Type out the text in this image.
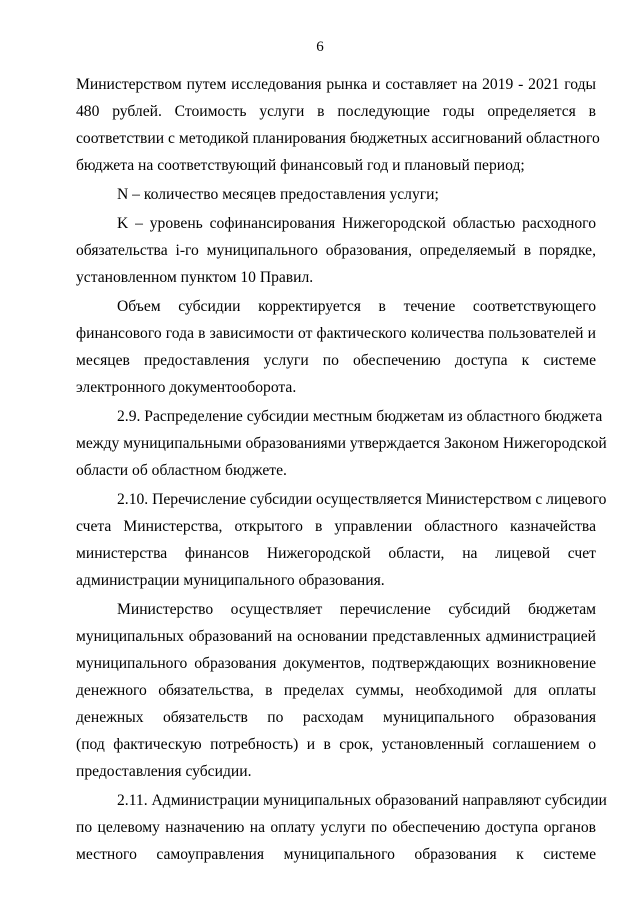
6
Министерством путем исследования рынка и составляет на 2019 - 2021 годы
480 рублей. Стоимость услуги в последующие годы определяется в
соответствии с методикой планирования бюджетных ассигнований областного
бюджета на соответствующий финансовый год и плановый период;
N – количество месяцев предоставления услуги;
K – уровень софинансирования Нижегородской областью расходного
обязательства i-го муниципального образования, определяемый в порядке,
установленном пунктом 10 Правил.
Объем субсидии корректируется в течение соответствующего
финансового года в зависимости от фактического количества пользователей и
месяцев предоставления услуги по обеспечению доступа к системе
электронного документооборота.
2.9. Распределение субсидии местным бюджетам из областного бюджета
между муниципальными образованиями утверждается Законом Нижегородской
области об областном бюджете.
2.10. Перечисление субсидии осуществляется Министерством с лицевого
счета Министерства, открытого в управлении областного казначейства
министерства финансов Нижегородской области, на лицевой счет
администрации муниципального образования.
Министерство осуществляет перечисление субсидий бюджетам
муниципальных образований на основании представленных администрацией
муниципального образования документов, подтверждающих возникновение
денежного обязательства, в пределах суммы, необходимой для оплаты
денежных обязательств по расходам муниципального образования
(под фактическую потребность) и в срок, установленный соглашением о
предоставления субсидии.
2.11. Администрации муниципальных образований направляют субсидии
по целевому назначению на оплату услуги по обеспечению доступа органов
местного самоуправления муниципального образования к системе
